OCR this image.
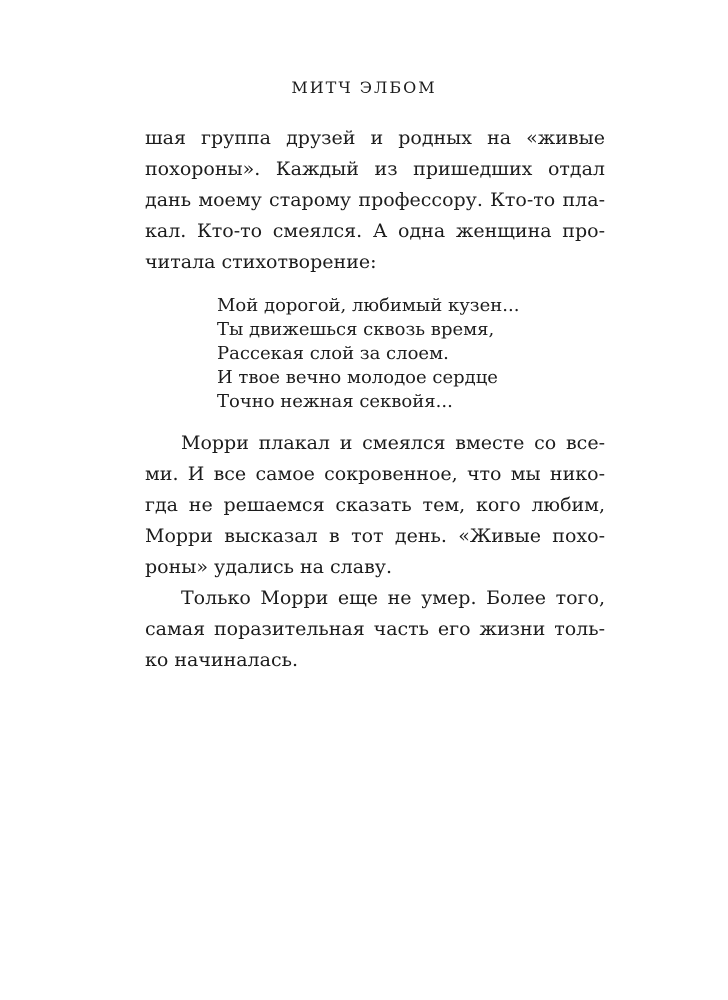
МИТЧ ЭЛБОМ
шая группа друзей и родных на «живые
похороны». Каждый из пришедших отдал
дань моему старому профессору. Кто-то пла-
кал. Кто-то смеялся. А одна женщина про-
читала стихотворение:
Мой дорогой, любимый кузен...
Ты движешься сквозь время,
Рассекая слой за слоем.
И твое вечно молодое сердце
Точно нежная секвойя...
Морри плакал и смеялся вместе со все-
ми. И все самое сокровенное, что мы нико-
гда не решаемся сказать тем, кого любим,
Морри высказал в тот день. «Живые похо-
роны» удались на славу.
Только Морри еще не умер. Более того,
самая поразительная часть его жизни толь-
ко начиналась.
